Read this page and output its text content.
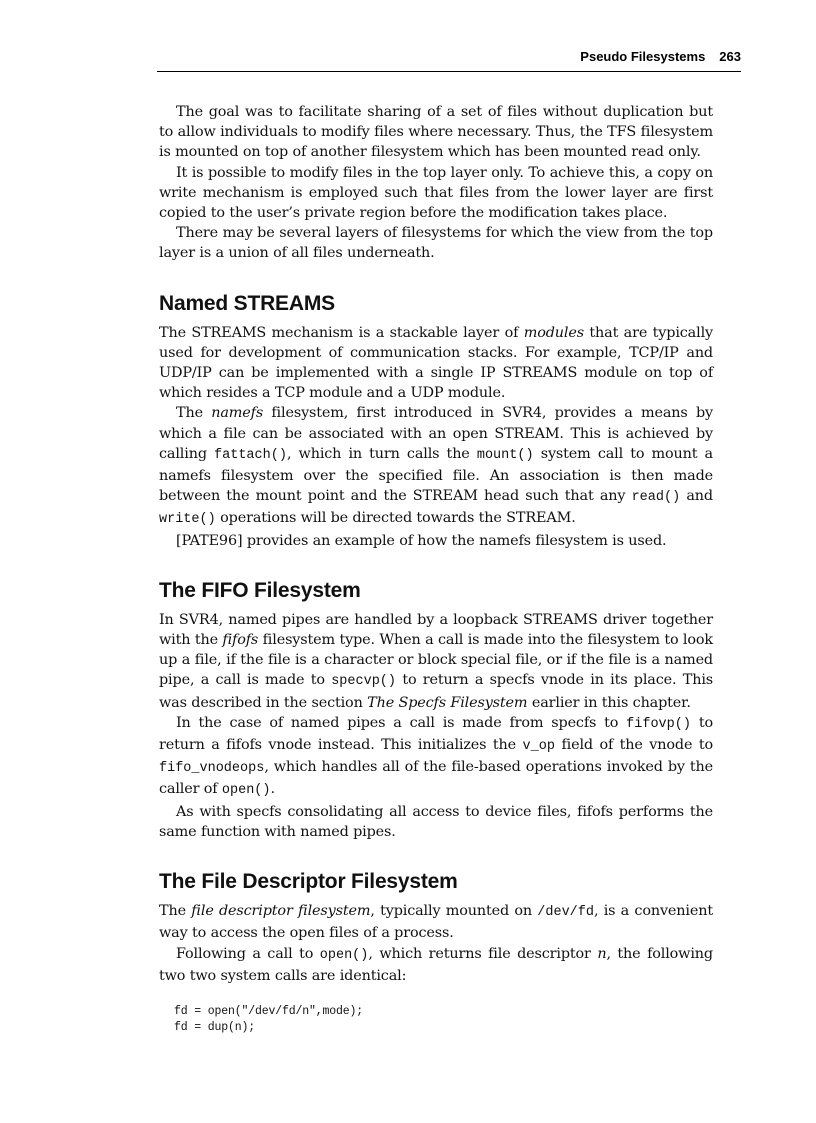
Pseudo Filesystems 263

The goal was to facilitate sharing of a set of files without duplication but to allow individuals to modify files where necessary. Thus, the TFS filesystem is mounted on top of another filesystem which has been mounted read only.

It is possible to modify files in the top layer only. To achieve this, a copy on write mechanism is employed such that files from the lower layer are first copied to the user’s private region before the modification takes place.

There may be several layers of filesystems for which the view from the top layer is a union of all files underneath.

Named STREAMS

The STREAMS mechanism is a stackable layer of modules that are typically used for development of communication stacks. For example, TCP/IP and UDP/IP can be implemented with a single IP STREAMS module on top of which resides a TCP module and a UDP module.

The namefs filesystem, first introduced in SVR4, provides a means by which a file can be associated with an open STREAM. This is achieved by calling fattach(), which in turn calls the mount() system call to mount a namefs filesystem over the specified file. An association is then made between the mount point and the STREAM head such that any read() and write() operations will be directed towards the STREAM.

[PATE96] provides an example of how the namefs filesystem is used.

The FIFO Filesystem

In SVR4, named pipes are handled by a loopback STREAMS driver together with the fifofs filesystem type. When a call is made into the filesystem to look up a file, if the file is a character or block special file, or if the file is a named pipe, a call is made to specvp() to return a specfs vnode in its place. This was described in the section The Specfs Filesystem earlier in this chapter.

In the case of named pipes a call is made from specfs to fifovp() to return a fifofs vnode instead. This initializes the v_op field of the vnode to fifo_vnodeops, which handles all of the file-based operations invoked by the caller of open().

As with specfs consolidating all access to device files, fifofs performs the same function with named pipes.

The File Descriptor Filesystem

The file descriptor filesystem, typically mounted on /dev/fd, is a convenient way to access the open files of a process.

Following a call to open(), which returns file descriptor n, the following two two system calls are identical:

fd = open("/dev/fd/n",mode);
fd = dup(n);
